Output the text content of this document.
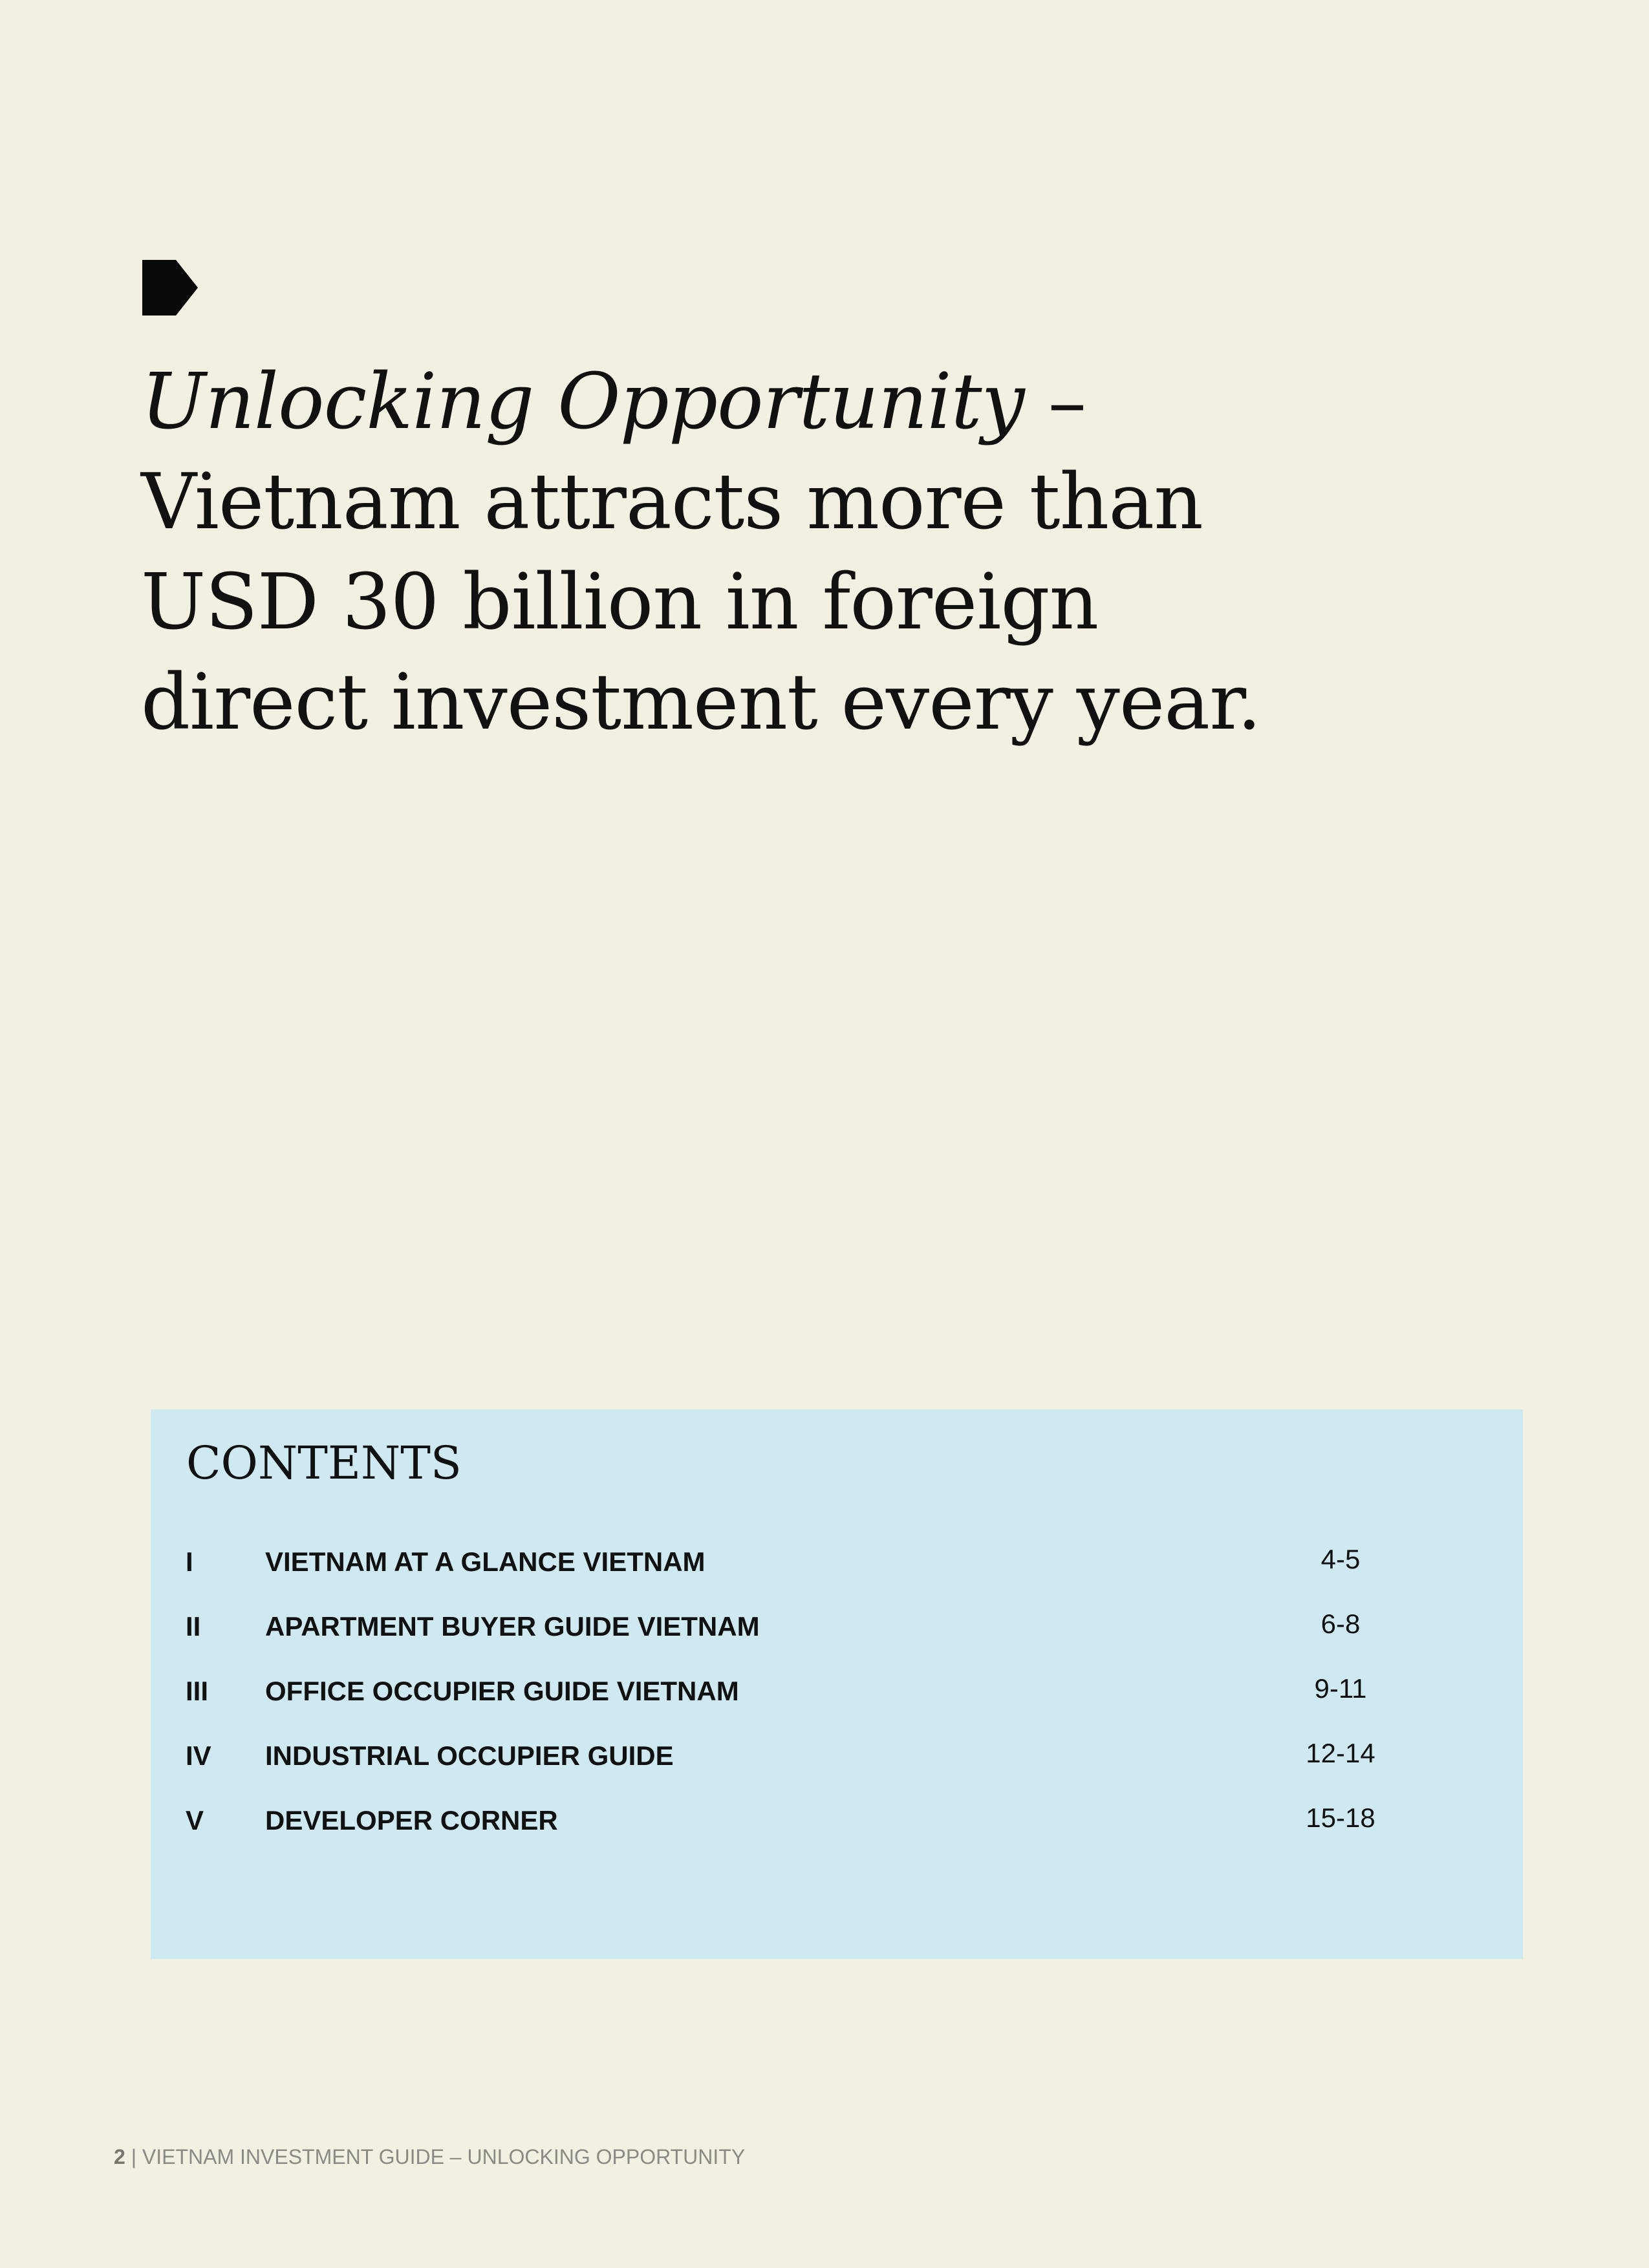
Unlocking Opportunity –
Vietnam attracts more than
USD 30 billion in foreign
direct investment every year.
CONTENTS
I	VIETNAM AT A GLANCE VIETNAM	4-5
II APARTMENT BUYER GUIDE VIETNAM	6-8
III OFFICE OCCUPIER GUIDE VIETNAM	9-11
IV INDUSTRIAL OCCUPIER GUIDE	12-14
V DEVELOPER CORNER	15-18
2 | VIETNAM INVESTMENT GUIDE – UNLOCKING OPPORTUNITY
